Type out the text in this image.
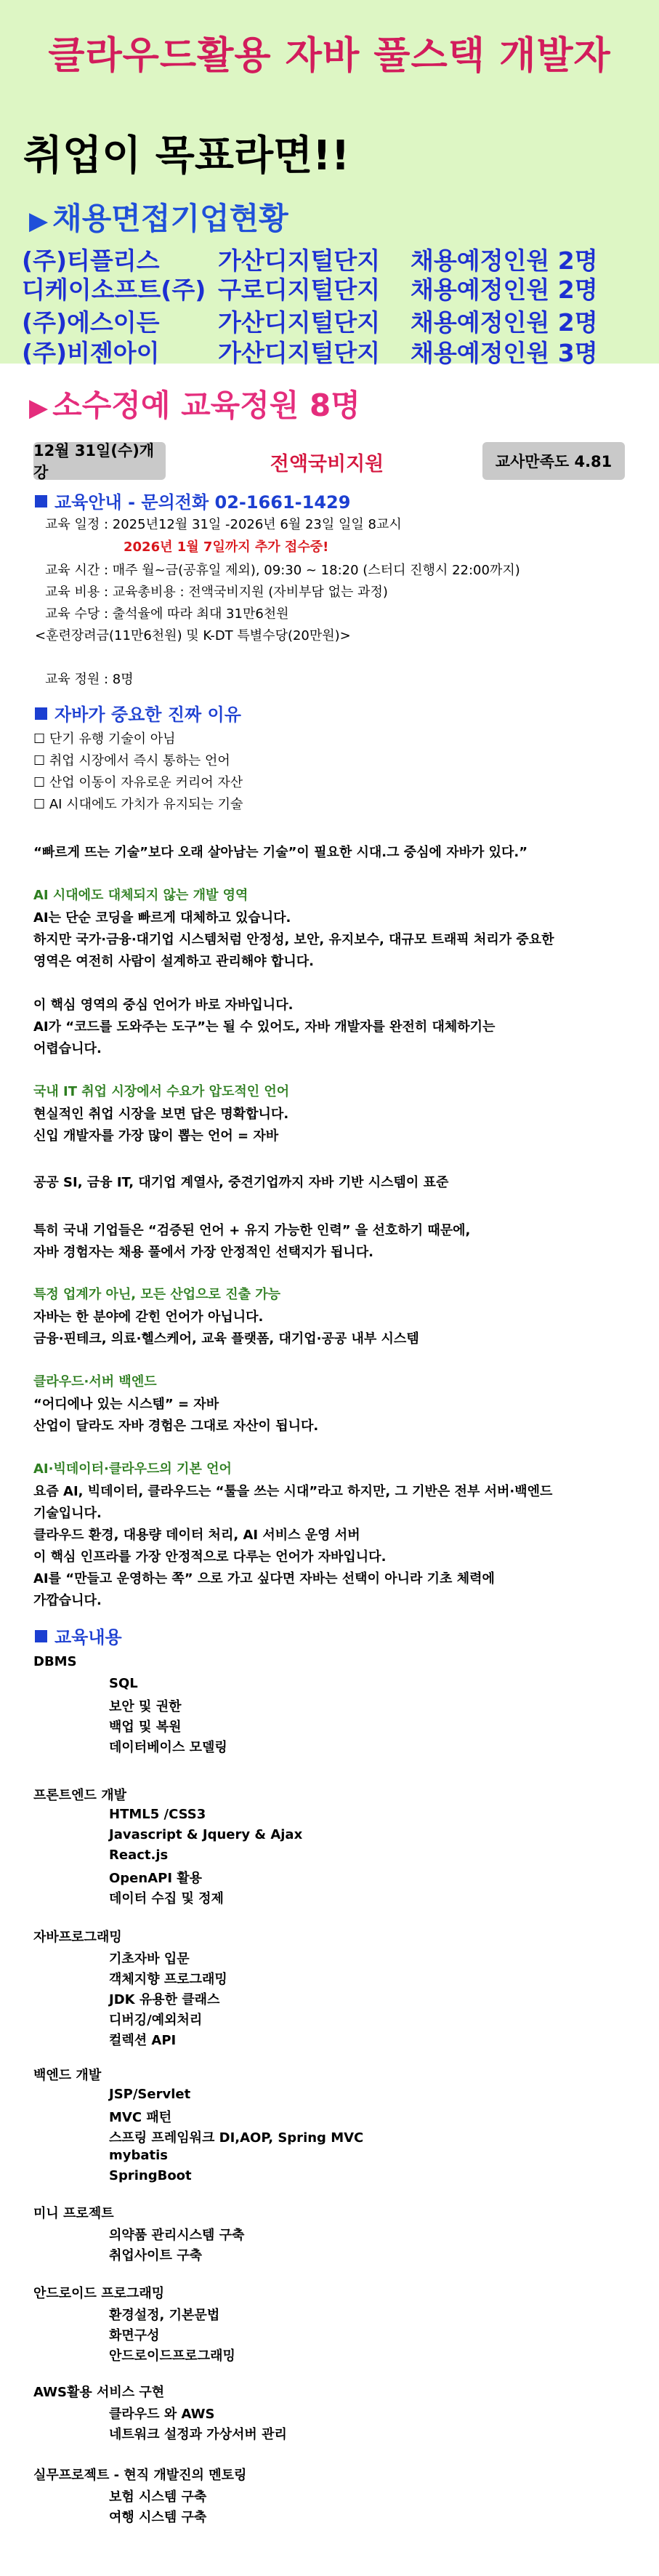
클라우드활용 자바 풀스택 개발자
취업이 목표라면!!
▶ 채용면접기업현황
(주)티플리스 가산디지털단지 채용예정인원 2명
디케이소프트(주) 구로디지털단지 채용예정인원 2명
(주)에스이든 가산디지털단지 채용예정인원 2명
(주)비젠아이 가산디지털단지 채용예정인원 3명
▶ 소수정예 교육정원 8명
12월 31일(수)개강	전액국비지원	교사만족도 4.81
교육안내 - 문의전화 02-1661-1429
교육 일정 : 2025년12월 31일 -2026년 6월 23일 일일 8교시
2026년 1월 7일까지 추가 접수중!
교육 시간 : 매주 월~금(공휴일 제외), 09:30 ~ 18:20 (스터디 진행시 22:00까지)
교육 비용 : 교육총비용 : 전액국비지원 (자비부담 없는 과정)
교육 수당 : 출석율에 따라 최대 31만6천원
<훈련장려금(11만6천원) 및 K-DT 특별수당(20만원)>
교육 정원 : 8명
자바가 중요한 진짜 이유
☐ 단기 유행 기술이 아님
☐ 취업 시장에서 즉시 통하는 언어
☐ 산업 이동이 자유로운 커리어 자산
☐ AI 시대에도 가치가 유지되는 기술
“빠르게 뜨는 기술”보다 오래 살아남는 기술”이 필요한 시대.그 중심에 자바가 있다.”
AI 시대에도 대체되지 않는 개발 영역
AI는 단순 코딩을 빠르게 대체하고 있습니다.
하지만 국가·금융·대기업 시스템처럼 안정성, 보안, 유지보수, 대규모 트래픽 처리가 중요한
영역은 여전히 사람이 설계하고 관리해야 합니다.
이 핵심 영역의 중심 언어가 바로 자바입니다.
AI가 “코드를 도와주는 도구”는 될 수 있어도, 자바 개발자를 완전히 대체하기는
어렵습니다.
국내 IT 취업 시장에서 수요가 압도적인 언어
현실적인 취업 시장을 보면 답은 명확합니다.
신입 개발자를 가장 많이 뽑는 언어 = 자바
공공 SI, 금융 IT, 대기업 계열사, 중견기업까지 자바 기반 시스템이 표준
특히 국내 기업들은 “검증된 언어 + 유지 가능한 인력” 을 선호하기 때문에,
자바 경험자는 채용 풀에서 가장 안정적인 선택지가 됩니다.
특정 업계가 아닌, 모든 산업으로 진출 가능
자바는 한 분야에 갇힌 언어가 아닙니다.
금융·핀테크, 의료·헬스케어, 교육 플랫폼, 대기업·공공 내부 시스템
클라우드·서버 백엔드
“어디에나 있는 시스템” = 자바
산업이 달라도 자바 경험은 그대로 자산이 됩니다.
AI·빅데이터·클라우드의 기본 언어
요즘 AI, 빅데이터, 클라우드는 “툴을 쓰는 시대”라고 하지만, 그 기반은 전부 서버·백엔드
기술입니다.
클라우드 환경, 대용량 데이터 처리, AI 서비스 운영 서버
이 핵심 인프라를 가장 안정적으로 다루는 언어가 자바입니다.
AI를 “만들고 운영하는 쪽” 으로 가고 싶다면 자바는 선택이 아니라 기초 체력에
가깝습니다.
교육내용
DBMS
SQL
보안 및 권한
백업 및 복원
데이터베이스 모델링
프론트엔드 개발
HTML5 /CSS3
Javascript & Jquery & Ajax
React.js
OpenAPI 활용
데이터 수집 및 정제
자바프로그래밍
기초자바 입문
객체지향 프로그래밍
JDK 유용한 클래스
디버깅/예외처리
컬렉션 API
백엔드 개발
JSP/Servlet
MVC 패턴
스프링 프레임워크 DI,AOP, Spring MVC
mybatis
SpringBoot
미니 프로젝트
의약품 관리시스템 구축
취업사이트 구축
안드로이드 프로그래밍
환경설정, 기본문법
화면구성
안드로이드프로그래밍
AWS활용 서비스 구현
클라우드 와 AWS
네트워크 설정과 가상서버 관리
실무프로젝트 - 현직 개발진의 멘토링
보험 시스템 구축
여행 시스템 구축
